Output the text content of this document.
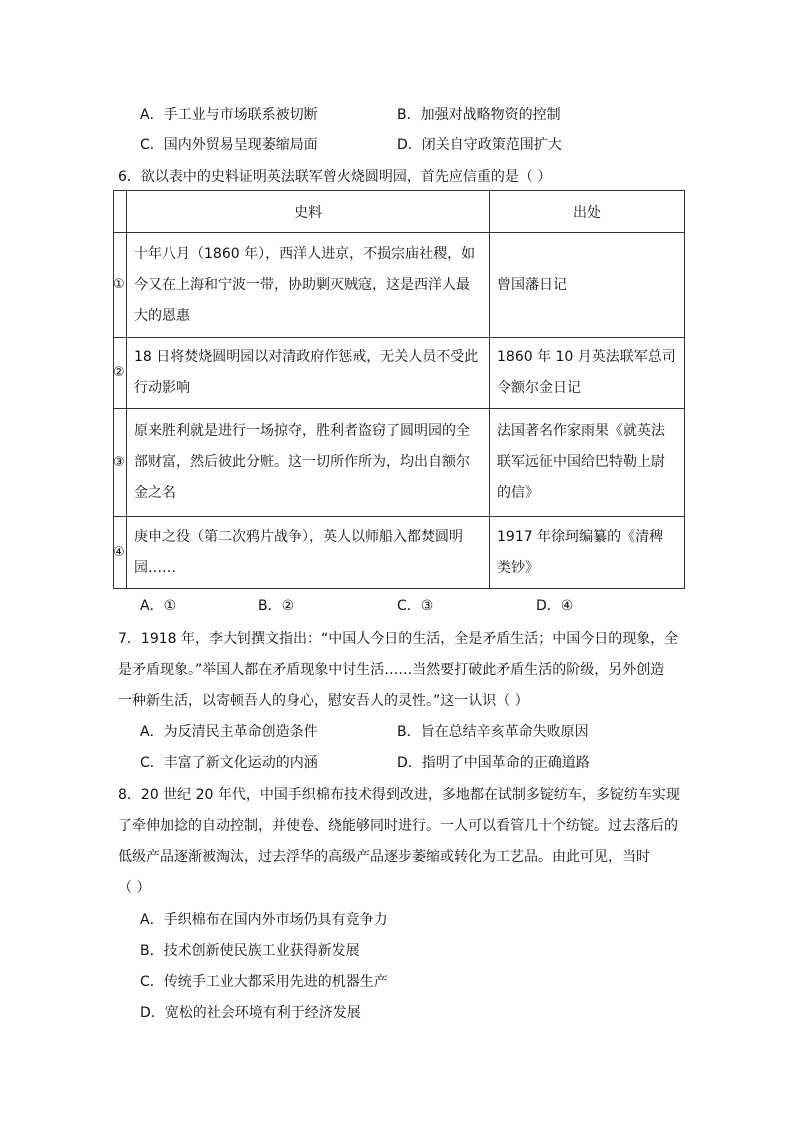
A．手工业与市场联系被切断	B．加强对战略物资的控制
C．国内外贸易呈现萎缩局面	D．闭关自守政策范围扩大
6．欲以表中的史料证明英法联军曾火烧圆明园，首先应信重的是（ ）
	史料	出处

①	十年八月（1860 年），西洋人进京，不损宗庙社稷，如今又在上海和宁波一带，协助剿灭贼寇，这是西洋人最大的恩惠	曾国藩日记

②	18 日将焚烧圆明园以对清政府作惩戒，无关人员不受此行动影响	1860 年 10 月英法联军总司令额尔金日记

③	原来胜利就是进行一场掠夺，胜利者盗窃了圆明园的全部财富，然后彼此分赃。这一切所作所为，均出自额尔金之名	法国著名作家雨果《就英法联军远征中国给巴特勒上尉的信》

④	庚申之役（第二次鸦片战争），英人以师船入都焚圆明园……	1917 年徐珂编纂的《清稗类钞》
A．①	B．②	C．③	D．④
7．1918 年，李大钊撰文指出：“中国人今日的生活，全是矛盾生活；中国今日的现象，全
是矛盾现象。”举国人都在矛盾现象中讨生活……当然要打破此矛盾生活的阶级，另外创造
一种新生活，以寄顿吾人的身心，慰安吾人的灵性。”这一认识（ ）
A．为反清民主革命创造条件	B．旨在总结辛亥革命失败原因
C．丰富了新文化运动的内涵	D．指明了中国革命的正确道路
8．20 世纪 20 年代，中国手织棉布技术得到改进，多地都在试制多锭纺车，多锭纺车实现
了牵伸加捻的自动控制，并使卷、绕能够同时进行。一人可以看管几十个纺锭。过去落后的
低级产品逐渐被淘汰，过去浮华的高级产品逐步萎缩或转化为工艺品。由此可见，当时
（ ）
A．手织棉布在国内外市场仍具有竞争力
B．技术创新使民族工业获得新发展
C．传统手工业大都采用先进的机器生产
D．宽松的社会环境有利于经济发展
